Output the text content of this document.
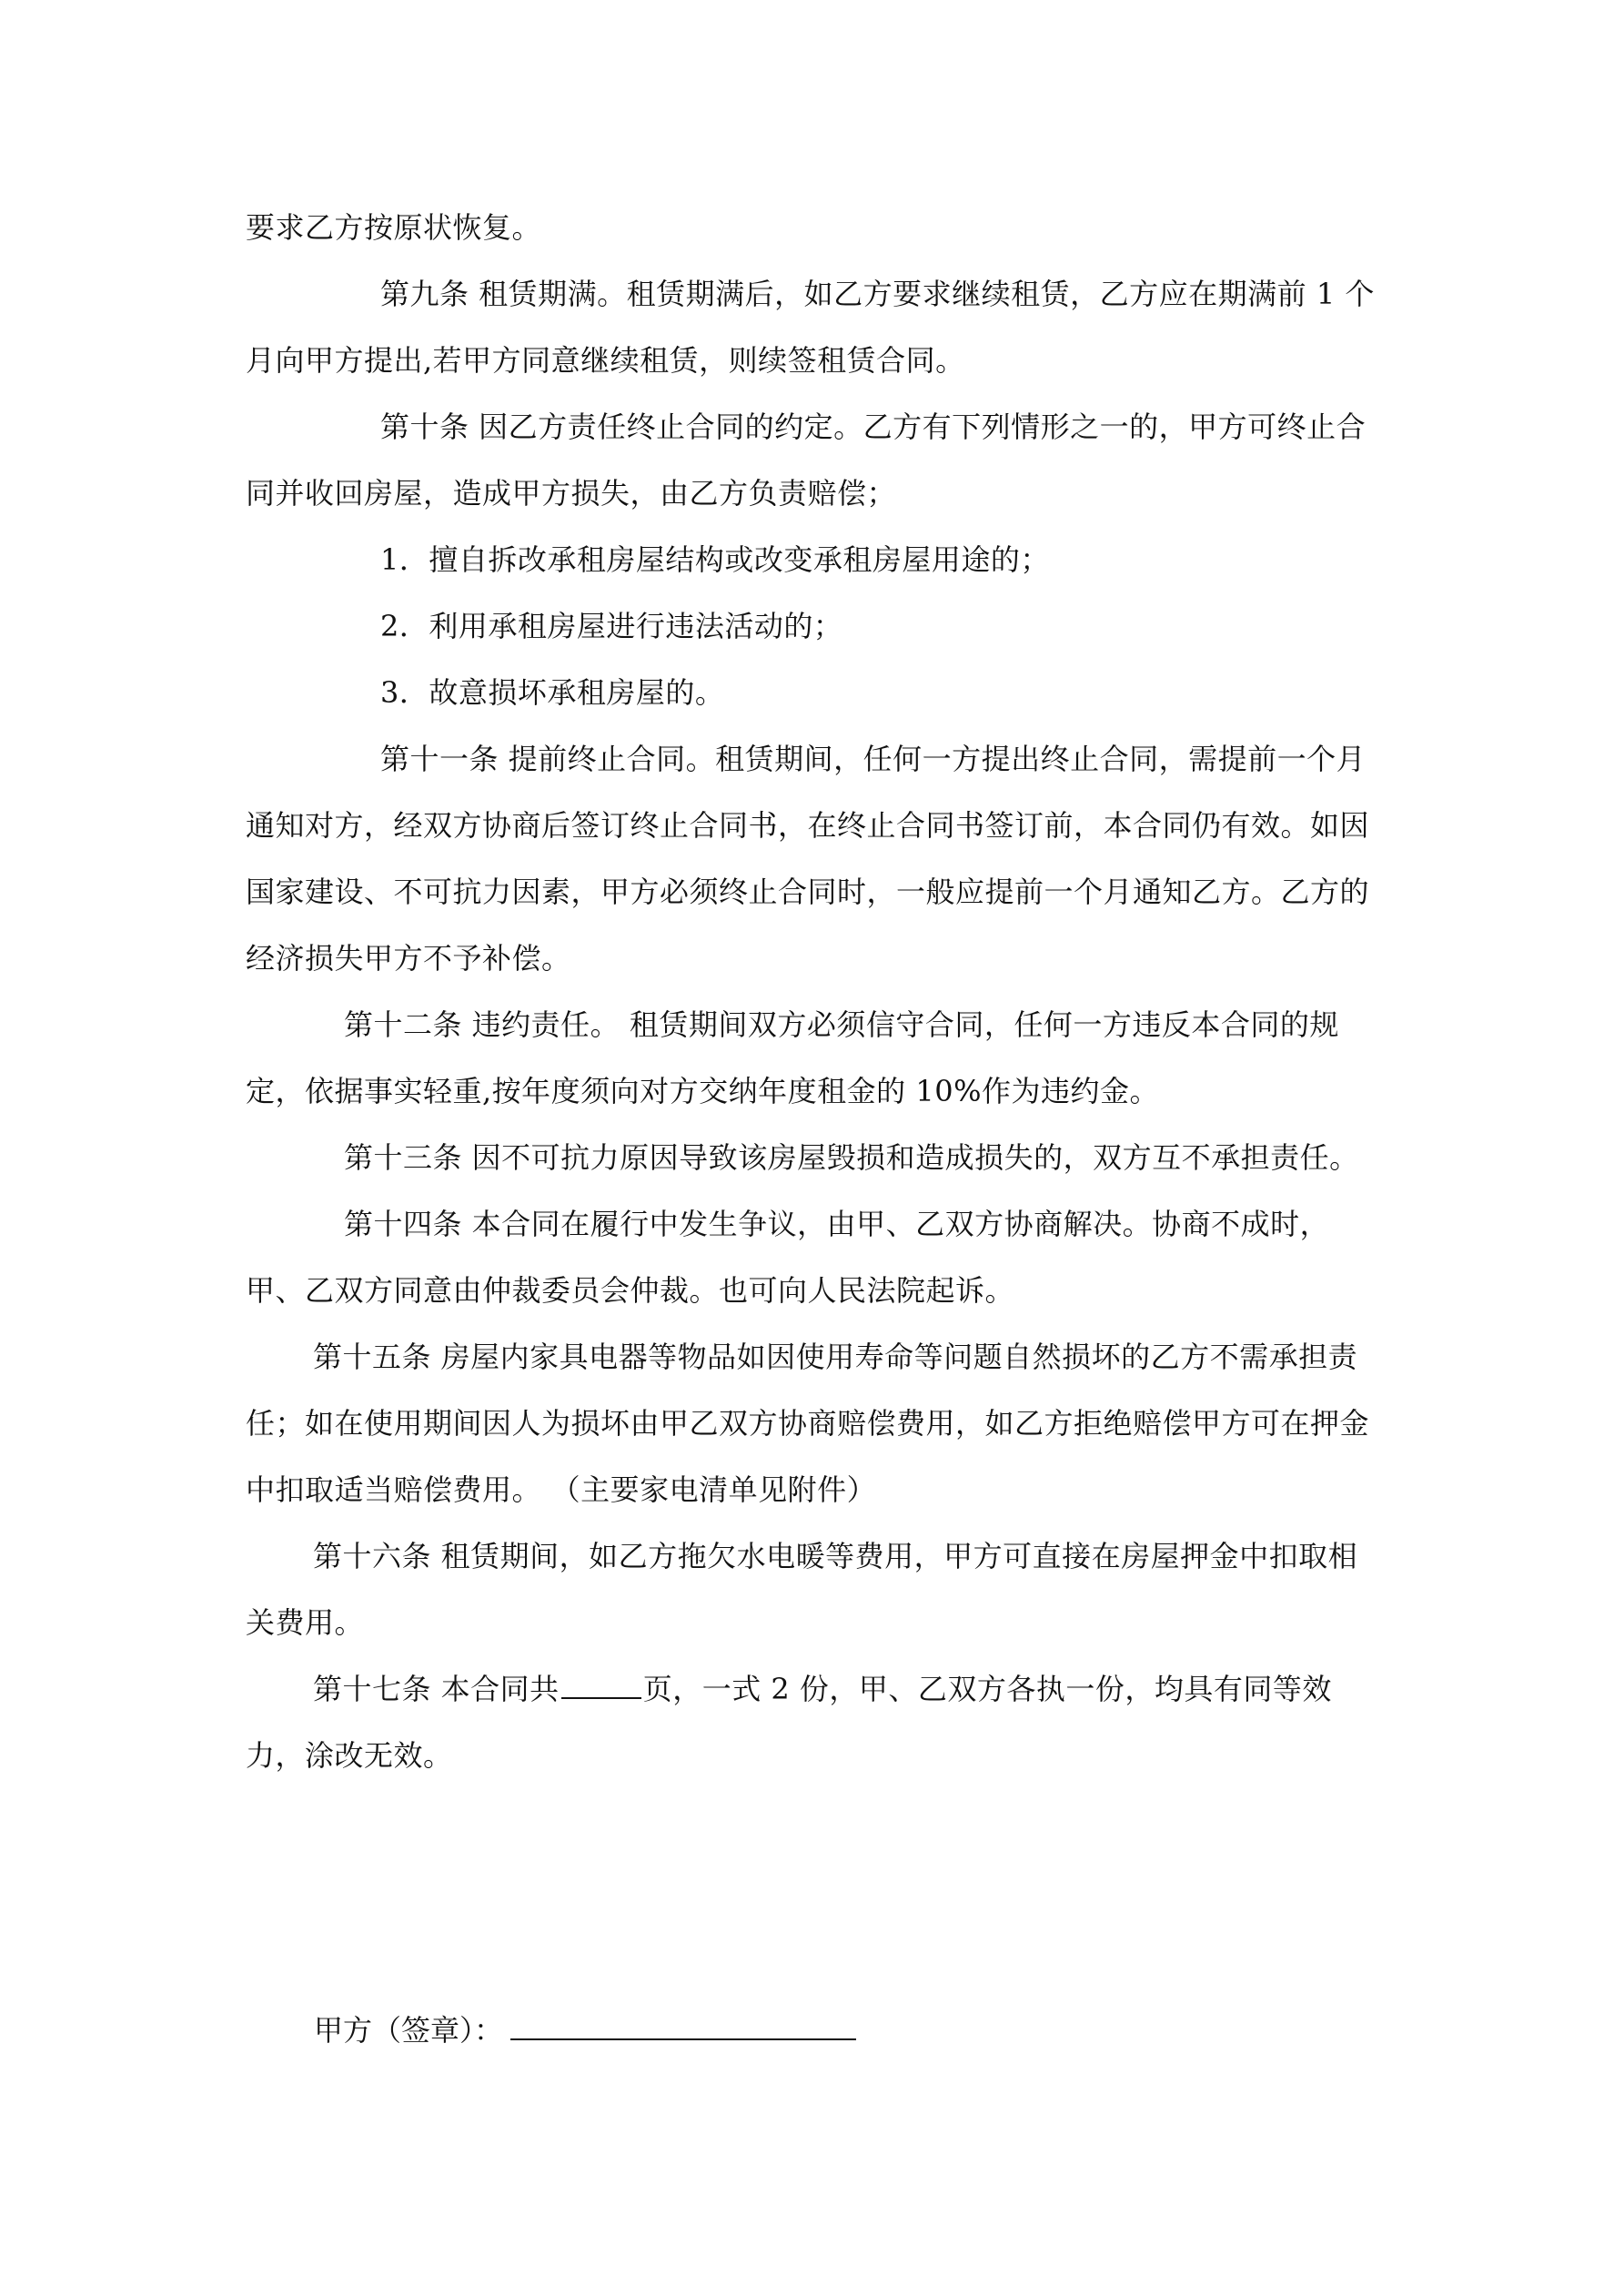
要求乙方按原状恢复。

第九条 租赁期满。租赁期满后，如乙方要求继续租赁，乙方应在期满前 1 个月向甲方提出,若甲方同意继续租赁，则续签租赁合同。

第十条 因乙方责任终止合同的约定。乙方有下列情形之一的，甲方可终止合同并收回房屋，造成甲方损失，由乙方负责赔偿；

1．擅自拆改承租房屋结构或改变承租房屋用途的；

2．利用承租房屋进行违法活动的；

3．故意损坏承租房屋的。

第十一条 提前终止合同。租赁期间，任何一方提出终止合同，需提前一个月通知对方，经双方协商后签订终止合同书，在终止合同书签订前，本合同仍有效。如因国家建设、不可抗力因素，甲方必须终止合同时，一般应提前一个月通知乙方。乙方的经济损失甲方不予补偿。

第十二条 违约责任。 租赁期间双方必须信守合同，任何一方违反本合同的规定，依据事实轻重,按年度须向对方交纳年度租金的 10%作为违约金。

第十三条 因不可抗力原因导致该房屋毁损和造成损失的，双方互不承担责任。

第十四条 本合同在履行中发生争议，由甲、乙双方协商解决。协商不成时，甲、乙双方同意由仲裁委员会仲裁。也可向人民法院起诉。

第十五条 房屋内家具电器等物品如因使用寿命等问题自然损坏的乙方不需承担责任；如在使用期间因人为损坏由甲乙双方协商赔偿费用，如乙方拒绝赔偿甲方可在押金中扣取适当赔偿费用。 （主要家电清单见附件）

第十六条 租赁期间，如乙方拖欠水电暖等费用，甲方可直接在房屋押金中扣取相关费用。

第十七条 本合同共	页，一式 2 份，甲、乙双方各执一份，均具有同等效力，涂改无效。

甲方（签章）：
